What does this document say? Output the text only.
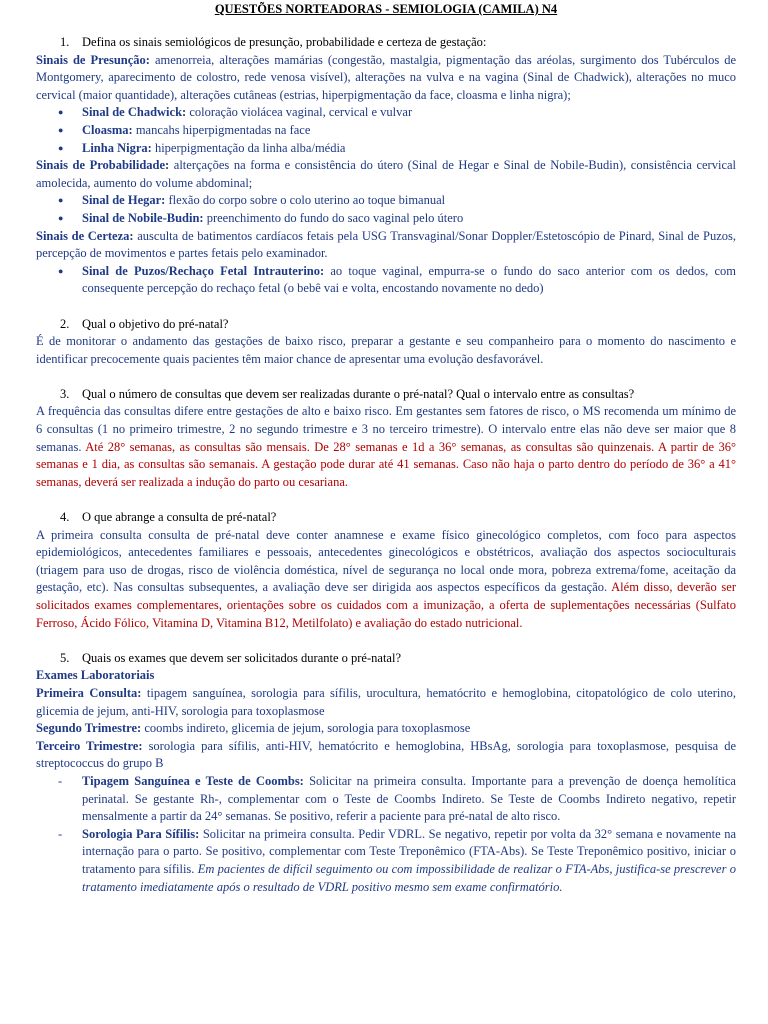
QUESTÕES NORTEADORAS - SEMIOLOGIA (CAMILA) N4

1. Defina os sinais semiológicos de presunção, probabilidade e certeza de gestação:

Sinais de Presunção: amenorreia, alterações mamárias (congestão, mastalgia, pigmentação das aréolas, surgimento dos Tubérculos de Montgomery, aparecimento de colostro, rede venosa visível), alterações na vulva e na vagina (Sinal de Chadwick), alterações no muco cervical (maior quantidade), alterações cutâneas (estrias, hiperpigmentação da face, cloasma e linha nigra);

● Sinal de Chadwick: coloração violácea vaginal, cervical e vulvar
● Cloasma: mancahs hiperpigmentadas na face
● Linha Nigra: hiperpigmentação da linha alba/média

Sinais de Probabilidade: alterçações na forma e consistência do útero (Sinal de Hegar e Sinal de Nobile-Budin), consistência cervical amolecida, aumento do volume abdominal;

● Sinal de Hegar: flexão do corpo sobre o colo uterino ao toque bimanual
● Sinal de Nobile-Budin: preenchimento do fundo do saco vaginal pelo útero

Sinais de Certeza: ausculta de batimentos cardíacos fetais pela USG Transvaginal/Sonar Doppler/Estetoscópio de Pinard, Sinal de Puzos, percepção de movimentos e partes fetais pelo examinador.

● Sinal de Puzos/Rechaço Fetal Intrauterino: ao toque vaginal, empurra-se o fundo do saco anterior com os dedos, com consequente percepção do rechaço fetal (o bebê vai e volta, encostando novamente no dedo)

2. Qual o objetivo do pré-natal?

É de monitorar o andamento das gestações de baixo risco, preparar a gestante e seu companheiro para o momento do nascimento e identificar precocemente quais pacientes têm maior chance de apresentar uma evolução desfavorável.

3. Qual o número de consultas que devem ser realizadas durante o pré-natal? Qual o intervalo entre as consultas?

A frequência das consultas difere entre gestações de alto e baixo risco. Em gestantes sem fatores de risco, o MS recomenda um mínimo de 6 consultas (1 no primeiro trimestre, 2 no segundo trimestre e 3 no terceiro trimestre). O intervalo entre elas não deve ser maior que 8 semanas. Até 28° semanas, as consultas são mensais. De 28° semanas e 1d a 36° semanas, as consultas são quinzenais. A partir de 36° semanas e 1 dia, as consultas são semanais. A gestação pode durar até 41 semanas. Caso não haja o parto dentro do período de 36° a 41° semanas, deverá ser realizada a indução do parto ou cesariana.

4. O que abrange a consulta de pré-natal?

A primeira consulta consulta de pré-natal deve conter anamnese e exame físico ginecológico completos, com foco para aspectos epidemiológicos, antecedentes familiares e pessoais, antecedentes ginecológicos e obstétricos, avaliação dos aspectos socioculturais (triagem para uso de drogas, risco de violência doméstica, nível de segurança no local onde mora, pobreza extrema/fome, aceitação da gestação, etc). Nas consultas subsequentes, a avaliação deve ser dirigida aos aspectos específicos da gestação. Além disso, deverão ser solicitados exames complementares, orientações sobre os cuidados com a imunização, a oferta de suplementações necessárias (Sulfato Ferroso, Ácido Fólico, Vitamina D, Vitamina B12, Metilfolato) e avaliação do estado nutricional.

5. Quais os exames que devem ser solicitados durante o pré-natal?

Exames Laboratoriais

Primeira Consulta: tipagem sanguínea, sorologia para sífilis, urocultura, hematócrito e hemoglobina, citopatológico de colo uterino, glicemia de jejum, anti-HIV, sorologia para toxoplasmose

Segundo Trimestre: coombs indireto, glicemia de jejum, sorologia para toxoplasmose

Terceiro Trimestre: sorologia para sífilis, anti-HIV, hematócrito e hemoglobina, HBsAg, sorologia para toxoplasmose, pesquisa de streptococcus do grupo B

- Tipagem Sanguínea e Teste de Coombs: Solicitar na primeira consulta. Importante para a prevenção de doença hemolítica perinatal. Se gestante Rh-, complementar com o Teste de Coombs Indireto. Se Teste de Coombs Indireto negativo, repetir mensalmente a partir da 24° semanas. Se positivo, referir a paciente para pré-natal de alto risco.
- Sorologia Para Sífilis: Solicitar na primeira consulta. Pedir VDRL. Se negativo, repetir por volta da 32° semana e novamente na internação para o parto. Se positivo, complementar com Teste Treponêmico (FTA-Abs). Se Teste Treponêmico positivo, iniciar o tratamento para sífilis. Em pacientes de difícil seguimento ou com impossibilidade de realizar o FTA-Abs, justifica-se prescrever o tratamento imediatamente após o resultado de VDRL positivo mesmo sem exame confirmatório.
